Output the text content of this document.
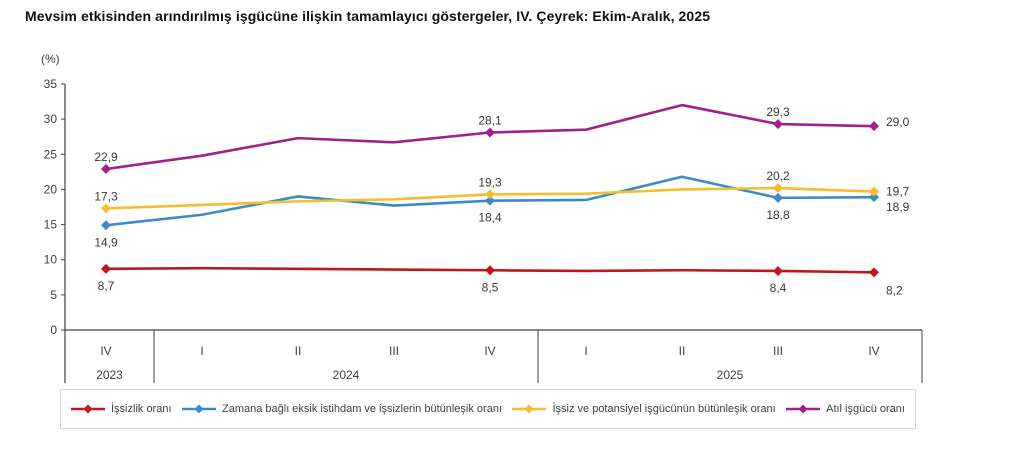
Mevsim etkisinden arındırılmış işgücüne ilişkin tamamlayıcı göstergeler, IV. Çeyrek: Ekim-Aralık, 2025
(%)
0
5
10
15
20
25
30
35
IV	I	II	III	IV	I	II	III	IV
2023	2024	2025
8,7	8,5	8,4	8,2
14,9
18,4	18,8
18,9
17,3
19,3	20,2
19,7
22,9
28,1
29,3
29,0
İşsizlik oranı	Zamana bağlı eksik istihdam ve işsizlerin bütünleşik oranı	İşsiz ve potansiyel işgücünün bütünleşik oranı	Atıl işgücü oranı
